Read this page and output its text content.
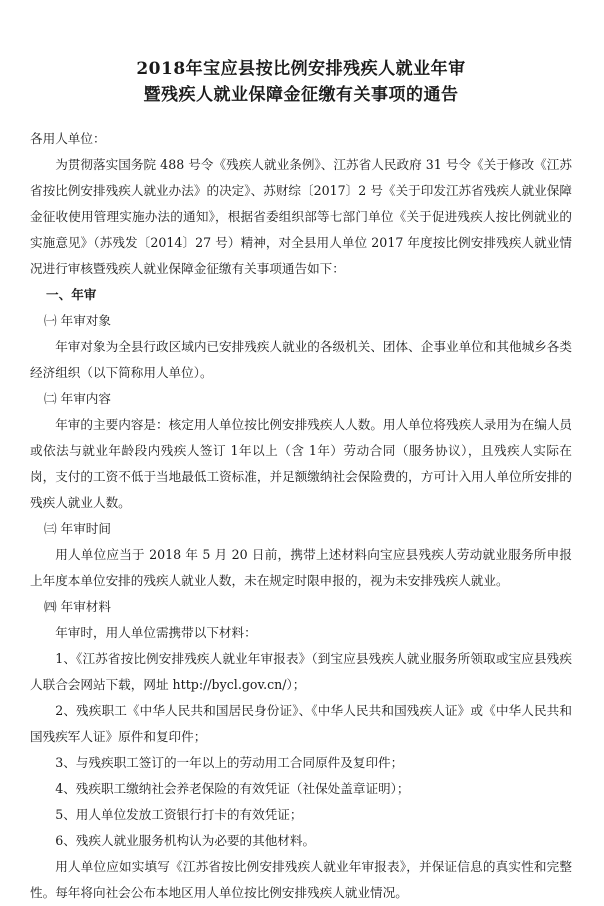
2018年宝应县按比例安排残疾人就业年审
暨残疾人就业保障金征缴有关事项的通告

各用人单位：

为贯彻落实国务院 488 号令《残疾人就业条例》、江苏省人民政府 31 号令《关于修改《江苏省按比例安排残疾人就业办法》的决定》、苏财综〔2017〕2 号《关于印发江苏省残疾人就业保障金征收使用管理实施办法的通知》，根据省委组织部等七部门单位《关于促进残疾人按比例就业的实施意见》（苏残发〔2014〕27 号）精神，对全县用人单位 2017 年度按比例安排残疾人就业情况进行审核暨残疾人就业保障金征缴有关事项通告如下：

一、年审

㈠ 年审对象

年审对象为全县行政区域内已安排残疾人就业的各级机关、团体、企事业单位和其他城乡各类经济组织（以下简称用人单位）。

㈡ 年审内容

年审的主要内容是：核定用人单位按比例安排残疾人人数。用人单位将残疾人录用为在编人员或依法与就业年龄段内残疾人签订 1年以上（含 1年）劳动合同（服务协议），且残疾人实际在岗，支付的工资不低于当地最低工资标准，并足额缴纳社会保险费的，方可计入用人单位所安排的残疾人就业人数。

㈢ 年审时间

用人单位应当于 2018 年 5 月 20 日前，携带上述材料向宝应县残疾人劳动就业服务所申报上年度本单位安排的残疾人就业人数，未在规定时限申报的，视为未安排残疾人就业。

㈣ 年审材料

年审时，用人单位需携带以下材料：

1、《江苏省按比例安排残疾人就业年审报表》（到宝应县残疾人就业服务所领取或宝应县残疾人联合会网站下载，网址 http://bycl.gov.cn/）；

2、残疾职工《中华人民共和国居民身份证》、《中华人民共和国残疾人证》或《中华人民共和国残疾军人证》原件和复印件；

3、与残疾职工签订的一年以上的劳动用工合同原件及复印件；

4、残疾职工缴纳社会养老保险的有效凭证（社保处盖章证明）；

5、用人单位发放工资银行打卡的有效凭证；

6、残疾人就业服务机构认为必要的其他材料。

用人单位应如实填写《江苏省按比例安排残疾人就业年审报表》，并保证信息的真实性和完整性。每年将向社会公布本地区用人单位按比例安排残疾人就业情况。
